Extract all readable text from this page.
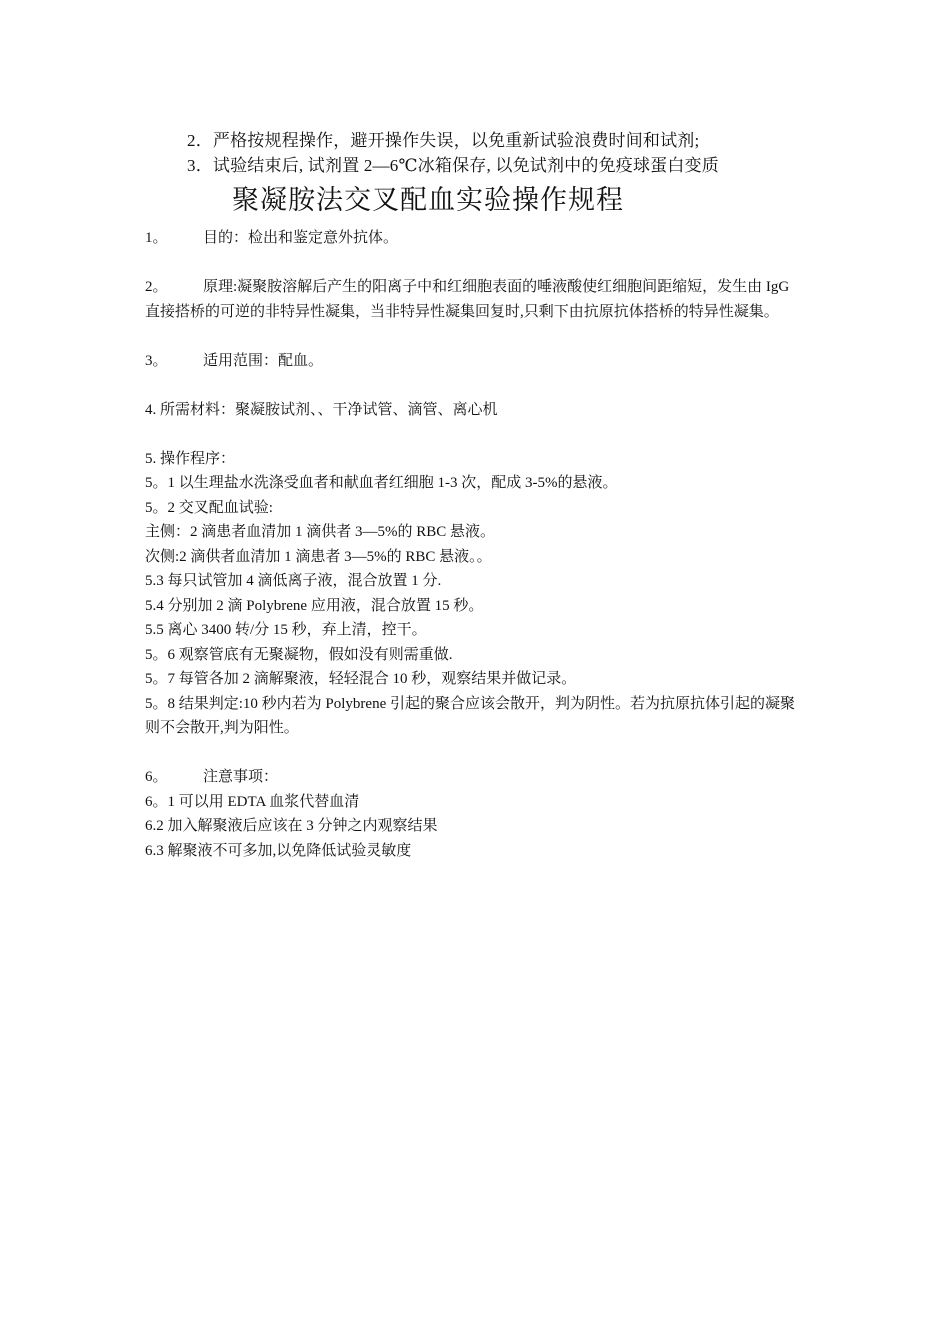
2．严格按规程操作，避开操作失误，以免重新试验浪费时间和试剂;
3．试验结束后, 试剂置 2—6℃冰箱保存, 以免试剂中的免疫球蛋白变质
聚凝胺法交叉配血实验操作规程
1。 目的：检出和鉴定意外抗体。
2。 原理:凝聚胺溶解后产生的阳离子中和红细胞表面的唾液酸使红细胞间距缩短，发生由 IgG 直接搭桥的可逆的非特异性凝集，当非特异性凝集回复时,只剩下由抗原抗体搭桥的特异性凝集。
3。 适用范围：配血。
4. 所需材料：聚凝胺试剂、、干净试管、滴管、离心机
5. 操作程序：
5。1 以生理盐水洗涤受血者和献血者红细胞 1-3 次，配成 3-5%的悬液。
5。2 交叉配血试验:
主侧：2 滴患者血清加 1 滴供者 3—5%的 RBC 悬液。
次侧:2 滴供者血清加 1 滴患者 3—5%的 RBC 悬液。。
5.3 每只试管加 4 滴低离子液，混合放置 1 分.
5.4 分别加 2 滴 Polybrene 应用液，混合放置 15 秒。
5.5 离心 3400 转/分 15 秒，弃上清，控干。
5。6 观察管底有无聚凝物，假如没有则需重做.
5。7 每管各加 2 滴解聚液，轻轻混合 10 秒，观察结果并做记录。
5。8 结果判定:10 秒内若为 Polybrene 引起的聚合应该会散开，判为阴性。若为抗原抗体引起的凝聚则不会散开,判为阳性。
6。 注意事项：
6。1 可以用 EDTA 血浆代替血清
6.2 加入解聚液后应该在 3 分钟之内观察结果
6.3 解聚液不可多加,以免降低试验灵敏度
